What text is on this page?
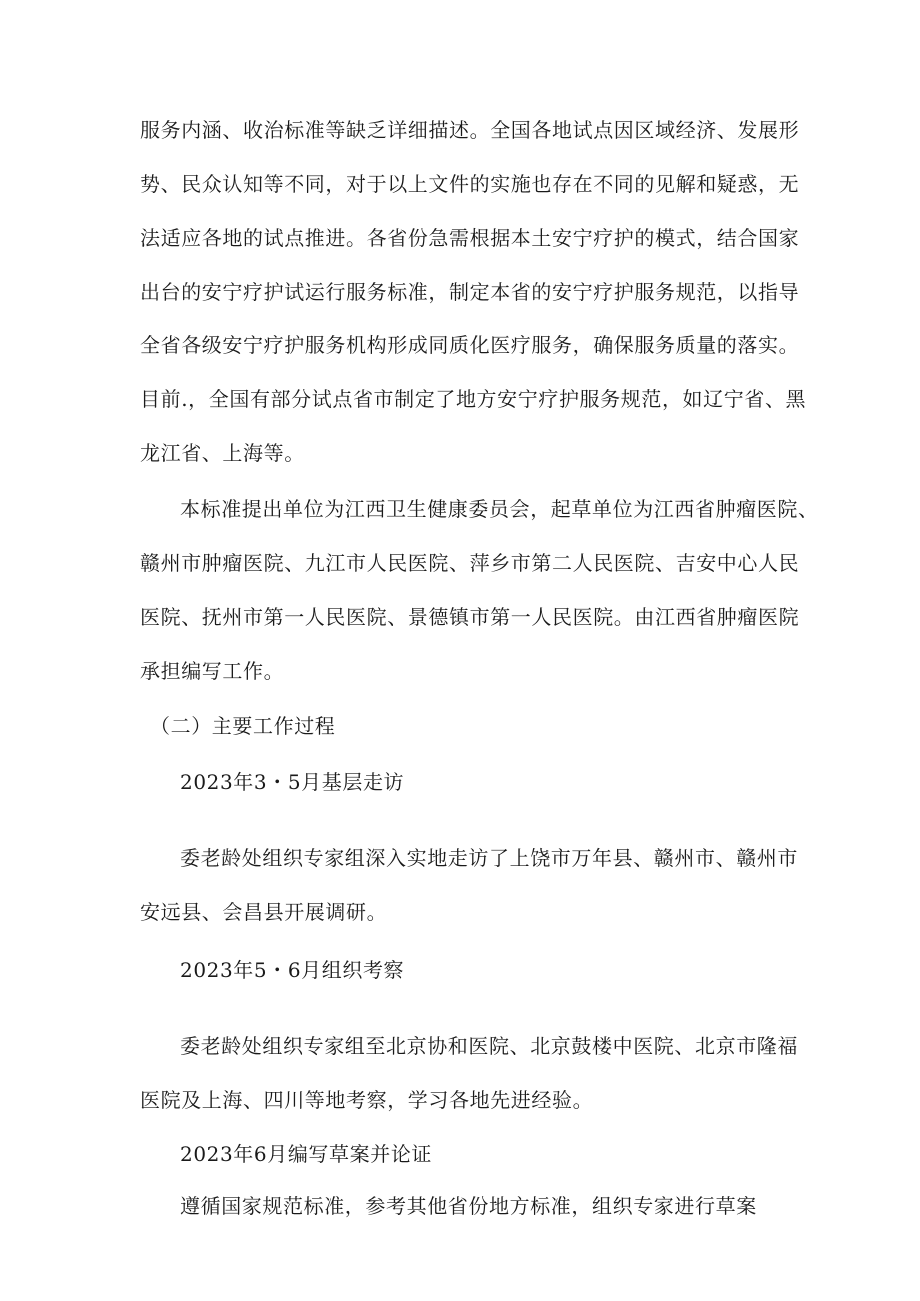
服务内涵、收治标准等缺乏详细描述。全国各地试点因区域经济、发展形
势、民众认知等不同，对于以上文件的实施也存在不同的见解和疑惑，无
法适应各地的试点推进。各省份急需根据本土安宁疗护的模式，结合国家
出台的安宁疗护试运行服务标准，制定本省的安宁疗护服务规范，以指导
全省各级安宁疗护服务机构形成同质化医疗服务，确保服务质量的落实。
目前.，全国有部分试点省市制定了地方安宁疗护服务规范，如辽宁省、黑
龙江省、上海等。
本标准提出单位为江西卫生健康委员会，起草单位为江西省肿瘤医院、
赣州市肿瘤医院、九江市人民医院、萍乡市第二人民医院、吉安中心人民
医院、抚州市第一人民医院、景德镇市第一人民医院。由江西省肿瘤医院
承担编写工作。
（二）主要工作过程
2023年3・5月基层走访
委老龄处组织专家组深入实地走访了上饶市万年县、赣州市、赣州市
安远县、会昌县开展调研。
2023年5・6月组织考察
委老龄处组织专家组至北京协和医院、北京鼓楼中医院、北京市隆福
医院及上海、四川等地考察，学习各地先进经验。
2023年6月编写草案并论证
遵循国家规范标准，参考其他省份地方标准，组织专家进行草案
